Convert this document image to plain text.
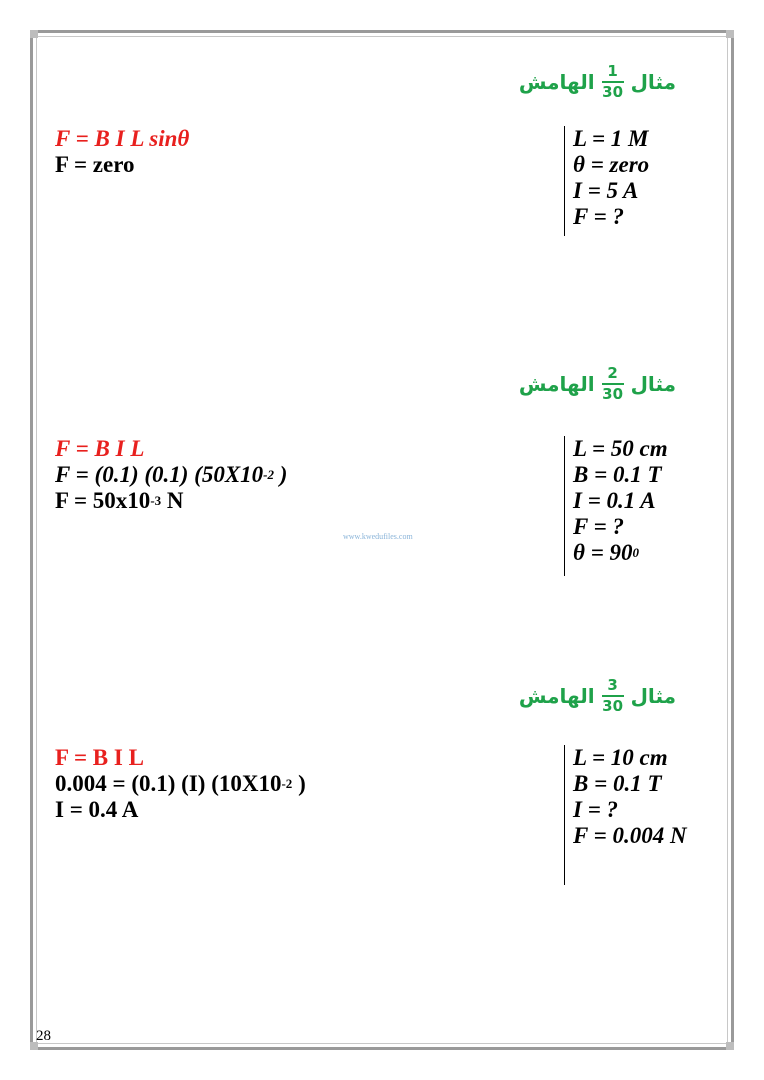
مثال
$\frac{1}{30}$
الهامش
F = B I L sinθ
F = zero
L = 1 M
θ = zero
I = 5 A
F = ?
مثال
$\frac{2}{30}$
الهامش
F = B I L
F = (0.1) (0.1) ($50X10^{-2}$ )
$F = 50x10^{-3}$ N
L = 50 cm
B = 0.1 T
I = 0.1 A
F = ?
$\theta = 90^0$
www.kwedufiles.com
مثال
$\frac{3}{30}$
الهامش
F = B I L
0.004 = (0.1) (I) ($10X10^{-2}$ )
I = 0.4 A
L = 10 cm
B = 0.1 T
I = ?
F = 0.004 N
28
